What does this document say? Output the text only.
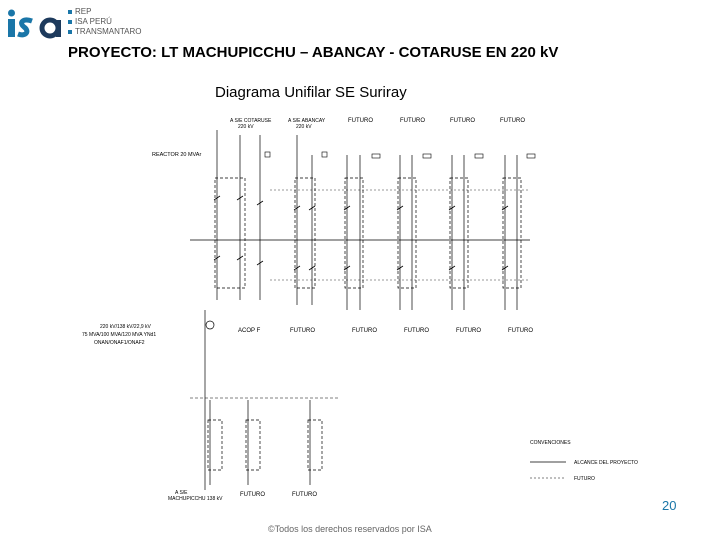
REP
ISA PERÚ
TRANSMANTARO
PROYECTO: LT MACHUPICCHU – ABANCAY - COTARUSE EN 220 kV
Diagrama Unifilar SE Suriray
A S/E COTARUSE
220 kV
A S/E ABANCAY
220 kV
FUTURO	FUTURO	FUTURO	FUTURO
REACTOR 20 MVAr
FUTURO
ACOP F	FUTURO	FUTURO	FUTURO	FUTURO
220 kV/138 kV/22,9 kV
75 MVA/100 MVA/120 MVA YNd1
ONAN/ONAF1/ONAF2
A S/E
MACHUPICCHU 138 kV
FUTURO	FUTURO
CONVENCIONES
ALCANCE DEL PROYECTO
FUTURO
20
©Todos los derechos reservados por ISA
